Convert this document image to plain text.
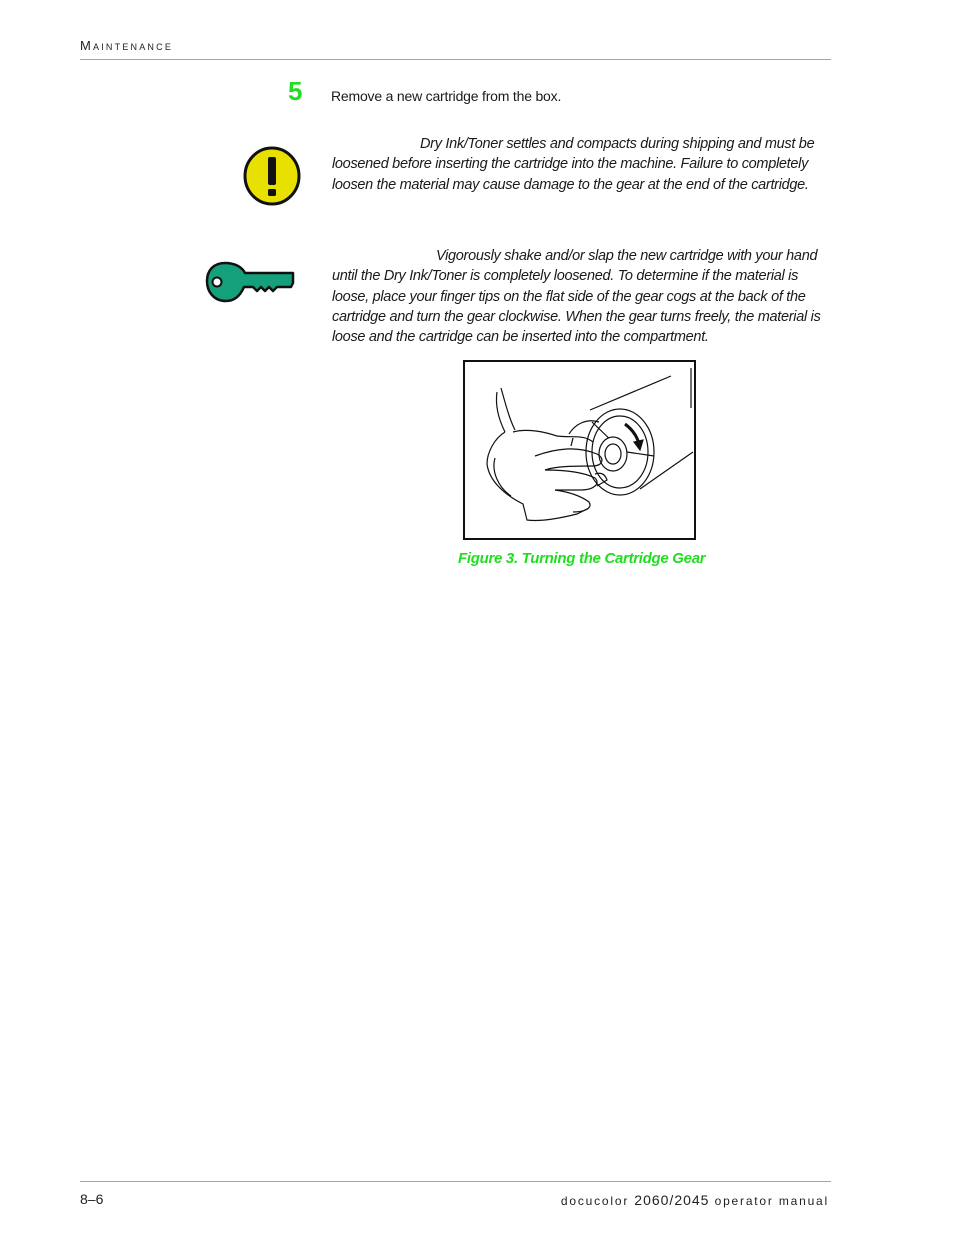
Maintenance
5 Remove a new cartridge from the box.
Dry Ink/Toner settles and compacts during shipping and must be loosened before inserting the cartridge into the machine. Failure to completely loosen the material may cause damage to the gear at the end of the cartridge.
Vigorously shake and/or slap the new cartridge with your hand until the Dry Ink/Toner is completely loosened. To determine if the material is loose, place your finger tips on the flat side of the gear cogs at the back of the cartridge and turn the gear clockwise. When the gear turns freely, the material is loose and the cartridge can be inserted into the compartment.
Figure 3. Turning the Cartridge Gear
8–6	docucolor 2060/2045 operator manual
